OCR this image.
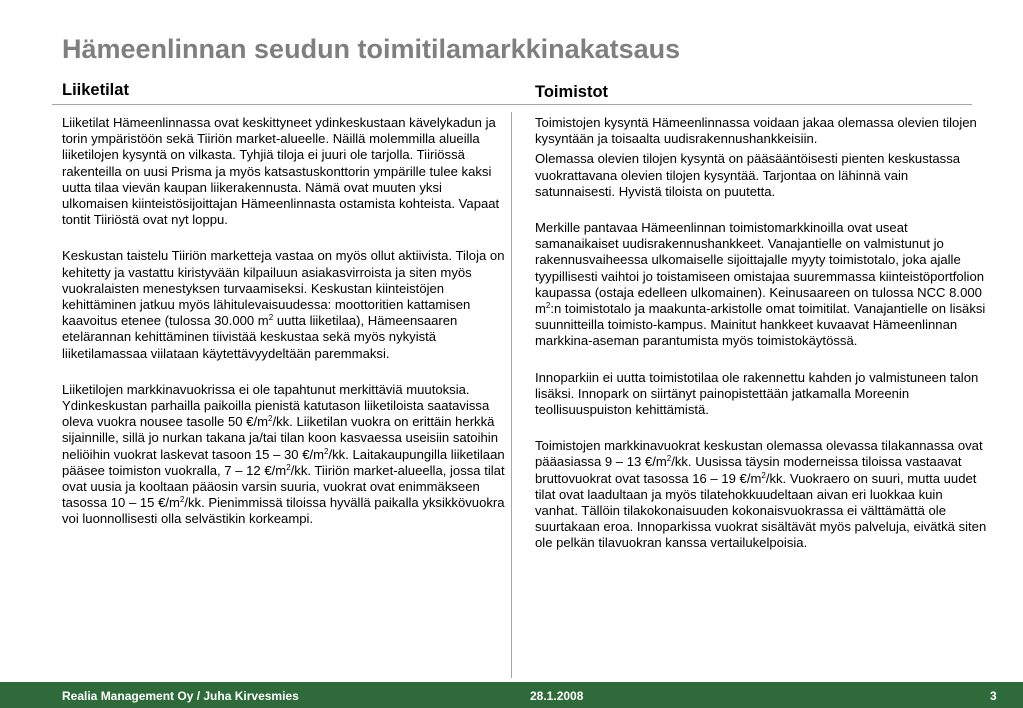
Hämeenlinnan seudun toimitilamarkkinakatsaus
Liiketilat	Toimistot

Liiketilat Hämeenlinnassa ovat keskittyneet ydinkeskustaan kävelykadun ja torin ympäristöön sekä Tiiriön market-alueelle. Näillä molemmilla alueilla liiketilojen kysyntä on vilkasta. Tyhjiä tiloja ei juuri ole tarjolla. Tiiriössä rakenteilla on uusi Prisma ja myös katsastuskonttorin ympärille tulee kaksi uutta tilaa vievän kaupan liikerakennusta. Nämä ovat muuten yksi ulkomaisen kiinteistösijoittajan Hämeenlinnasta ostamista kohteista. Vapaat tontit Tiiriöstä ovat nyt loppu.

Keskustan taistelu Tiiriön marketteja vastaa on myös ollut aktiivista. Tiloja on kehitetty ja vastattu kiristyvään kilpailuun asiakasvirroista ja siten myös vuokralaisten menestyksen turvaamiseksi. Keskustan kiinteistöjen kehittäminen jatkuu myös lähitulevaisuudessa: moottoritien kattamisen kaavoitus etenee (tulossa 30.000 $m^2$ uutta liiketilaa), Hämeensaaren etelärannan kehittäminen tiivistää keskustaa sekä myös nykyistä liiketilamassaa viilataan käytettävyydeltään paremmaksi.

Liiketilojen markkinavuokrissa ei ole tapahtunut merkittäviä muutoksia. Ydinkeskustan parhailla paikoilla pienistä katutason liiketiloista saatavissa oleva vuokra nousee tasolle 50 $€/m^2/kk$. Liiketilan vuokra on erittäin herkkä sijainnille, sillä jo nurkan takana ja/tai tilan koon kasvaessa useisiin satoihin neliöihin vuokrat laskevat tasoon 15 – 30 $€/m^2/kk$. Laitakaupungilla liiketilaan pääsee toimiston vuokralla, 7 – 12 $€/m^2/kk$. Tiiriön market-alueella, jossa tilat ovat uusia ja kooltaan pääosin varsin suuria, vuokrat ovat enimmäkseen tasossa 10 – 15 $€/m^2/kk$. Pienimmissä tiloissa hyvällä paikalla yksikkövuokra voi luonnollisesti olla selvästikin korkeampi.

Toimistojen kysyntä Hämeenlinnassa voidaan jakaa olemassa olevien tilojen kysyntään ja toisaalta uudisrakennushankkeisiin.

Olemassa olevien tilojen kysyntä on pääsääntöisesti pienten keskustassa vuokrattavana olevien tilojen kysyntää. Tarjontaa on lähinnä vain satunnaisesti. Hyvistä tiloista on puutetta.

Merkille pantavaa Hämeenlinnan toimistomarkkinoilla ovat useat samanaikaiset uudisrakennushankkeet. Vanajantielle on valmistunut jo rakennusvaiheessa ulkomaiselle sijoittajalle myyty toimistotalo, joka ajalle tyypillisesti vaihtoi jo toistamiseen omistajaa suuremmassa kiinteistöportfolion kaupassa (ostaja edelleen ulkomainen). Keinusaareen on tulossa NCC 8.000 $m^2:n$ toimistotalo ja maakunta-arkistolle omat toimitilat. Vanajantielle on lisäksi suunnitteilla toimisto-kampus. Mainitut hankkeet kuvaavat Hämeenlinnan markkina-aseman parantumista myös toimistokäytössä.

Innoparkiin ei uutta toimistotilaa ole rakennettu kahden jo valmistuneen talon lisäksi. Innopark on siirtänyt painopistettään jatkamalla Moreenin teollisuuspuiston kehittämistä.

Toimistojen markkinavuokrat keskustan olemassa olevassa tilakannassa ovat pääasiassa 9 – 13 $€/m^2/kk$. Uusissa täysin moderneissa tiloissa vastaavat bruttovuokrat ovat tasossa 16 – 19 $€/m^2/kk$. Vuokraero on suuri, mutta uudet tilat ovat laadultaan ja myös tilatehokkuudeltaan aivan eri luokkaa kuin vanhat. Tällöin tilakokonaisuuden kokonaisvuokrassa ei välttämättä ole suurtakaan eroa. Innoparkissa vuokrat sisältävät myös palveluja, eivätkä siten ole pelkän tilavuokran kanssa vertailukelpoisia.

Realia Management Oy / Juha Kirvesmies	28.1.2008	3
